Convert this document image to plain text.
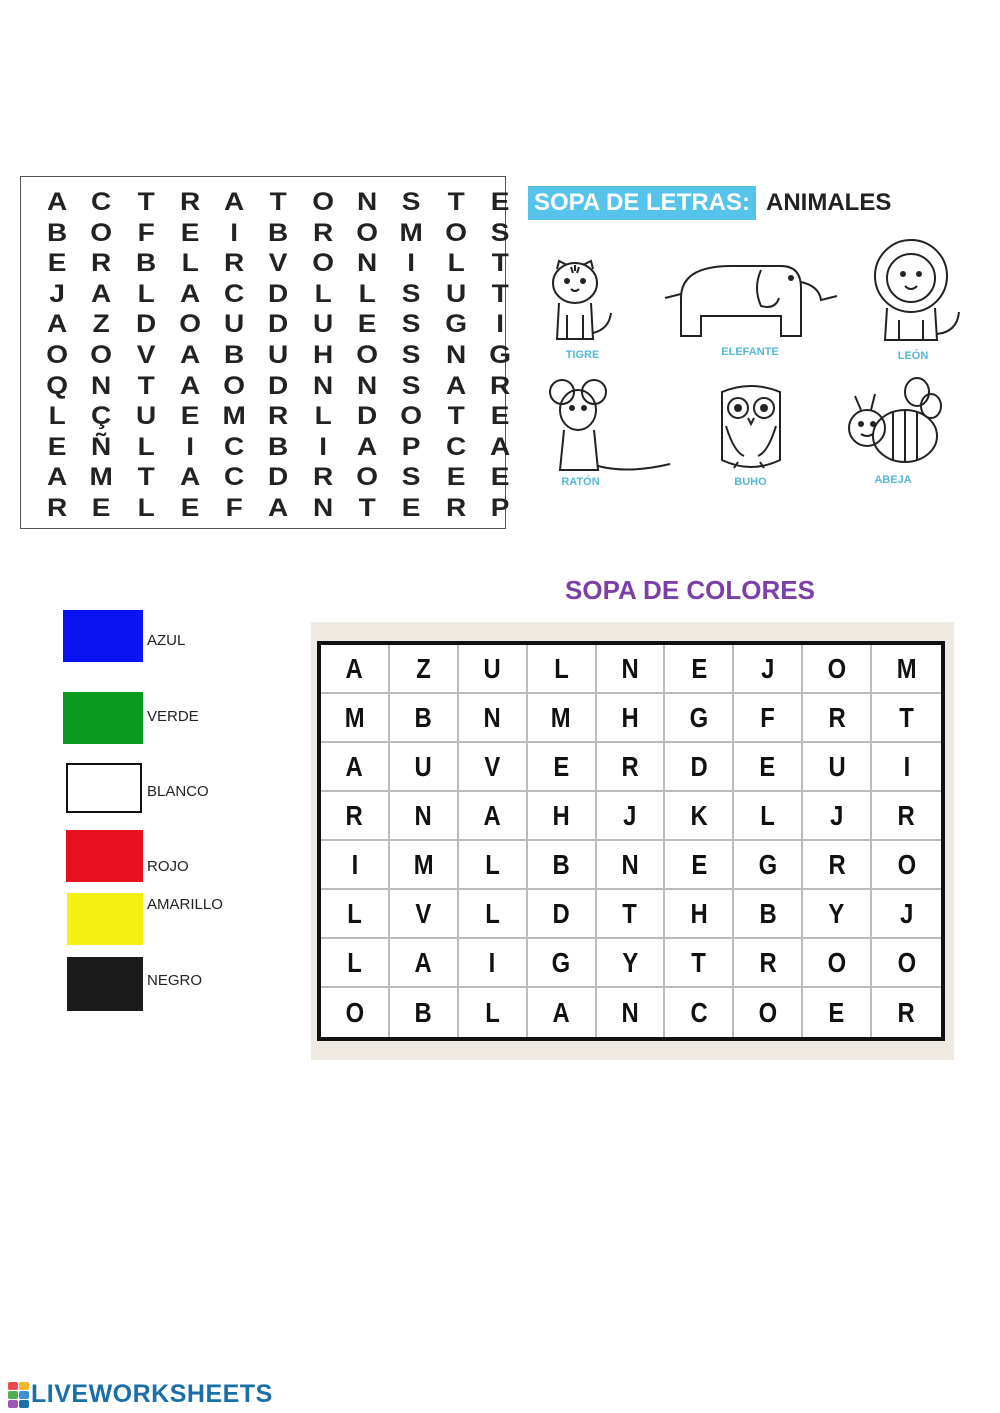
A C	T	R A	T O N S	T	E
B O F	E	I	B R O M O S
E R B	L	R V O N	I	L	T
J	A	L	A C D	L	L	S U	T
A	Z	D O U D U E	S G	I
O O V A B U H O S N G
Q N	T	A O D N N S A R
L	Ç U E M R	L	D O T	E
E Ñ	L	I	C B	I	A P C A
A M T	A C D R O S	E	E
R E	L	E	F	A N	T	E R P
SOPA DE LETRAS: ANIMALES
TIGRE	ELEFANTE	LEÓN
RATÓN	BUHO	ABEJA
SOPA DE COLORES
AZUL
VERDE
BLANCO
ROJO
AMARILLO
NEGRO
A Z U L N E J O M
M B N M H G F R T
A U V E R D E U I
R N A H J K L J R
I M L B N E G R O
L V L D T H B Y J
L A I G Y T R O O
O B L A N C O E R
LIVEWORKSHEETS
